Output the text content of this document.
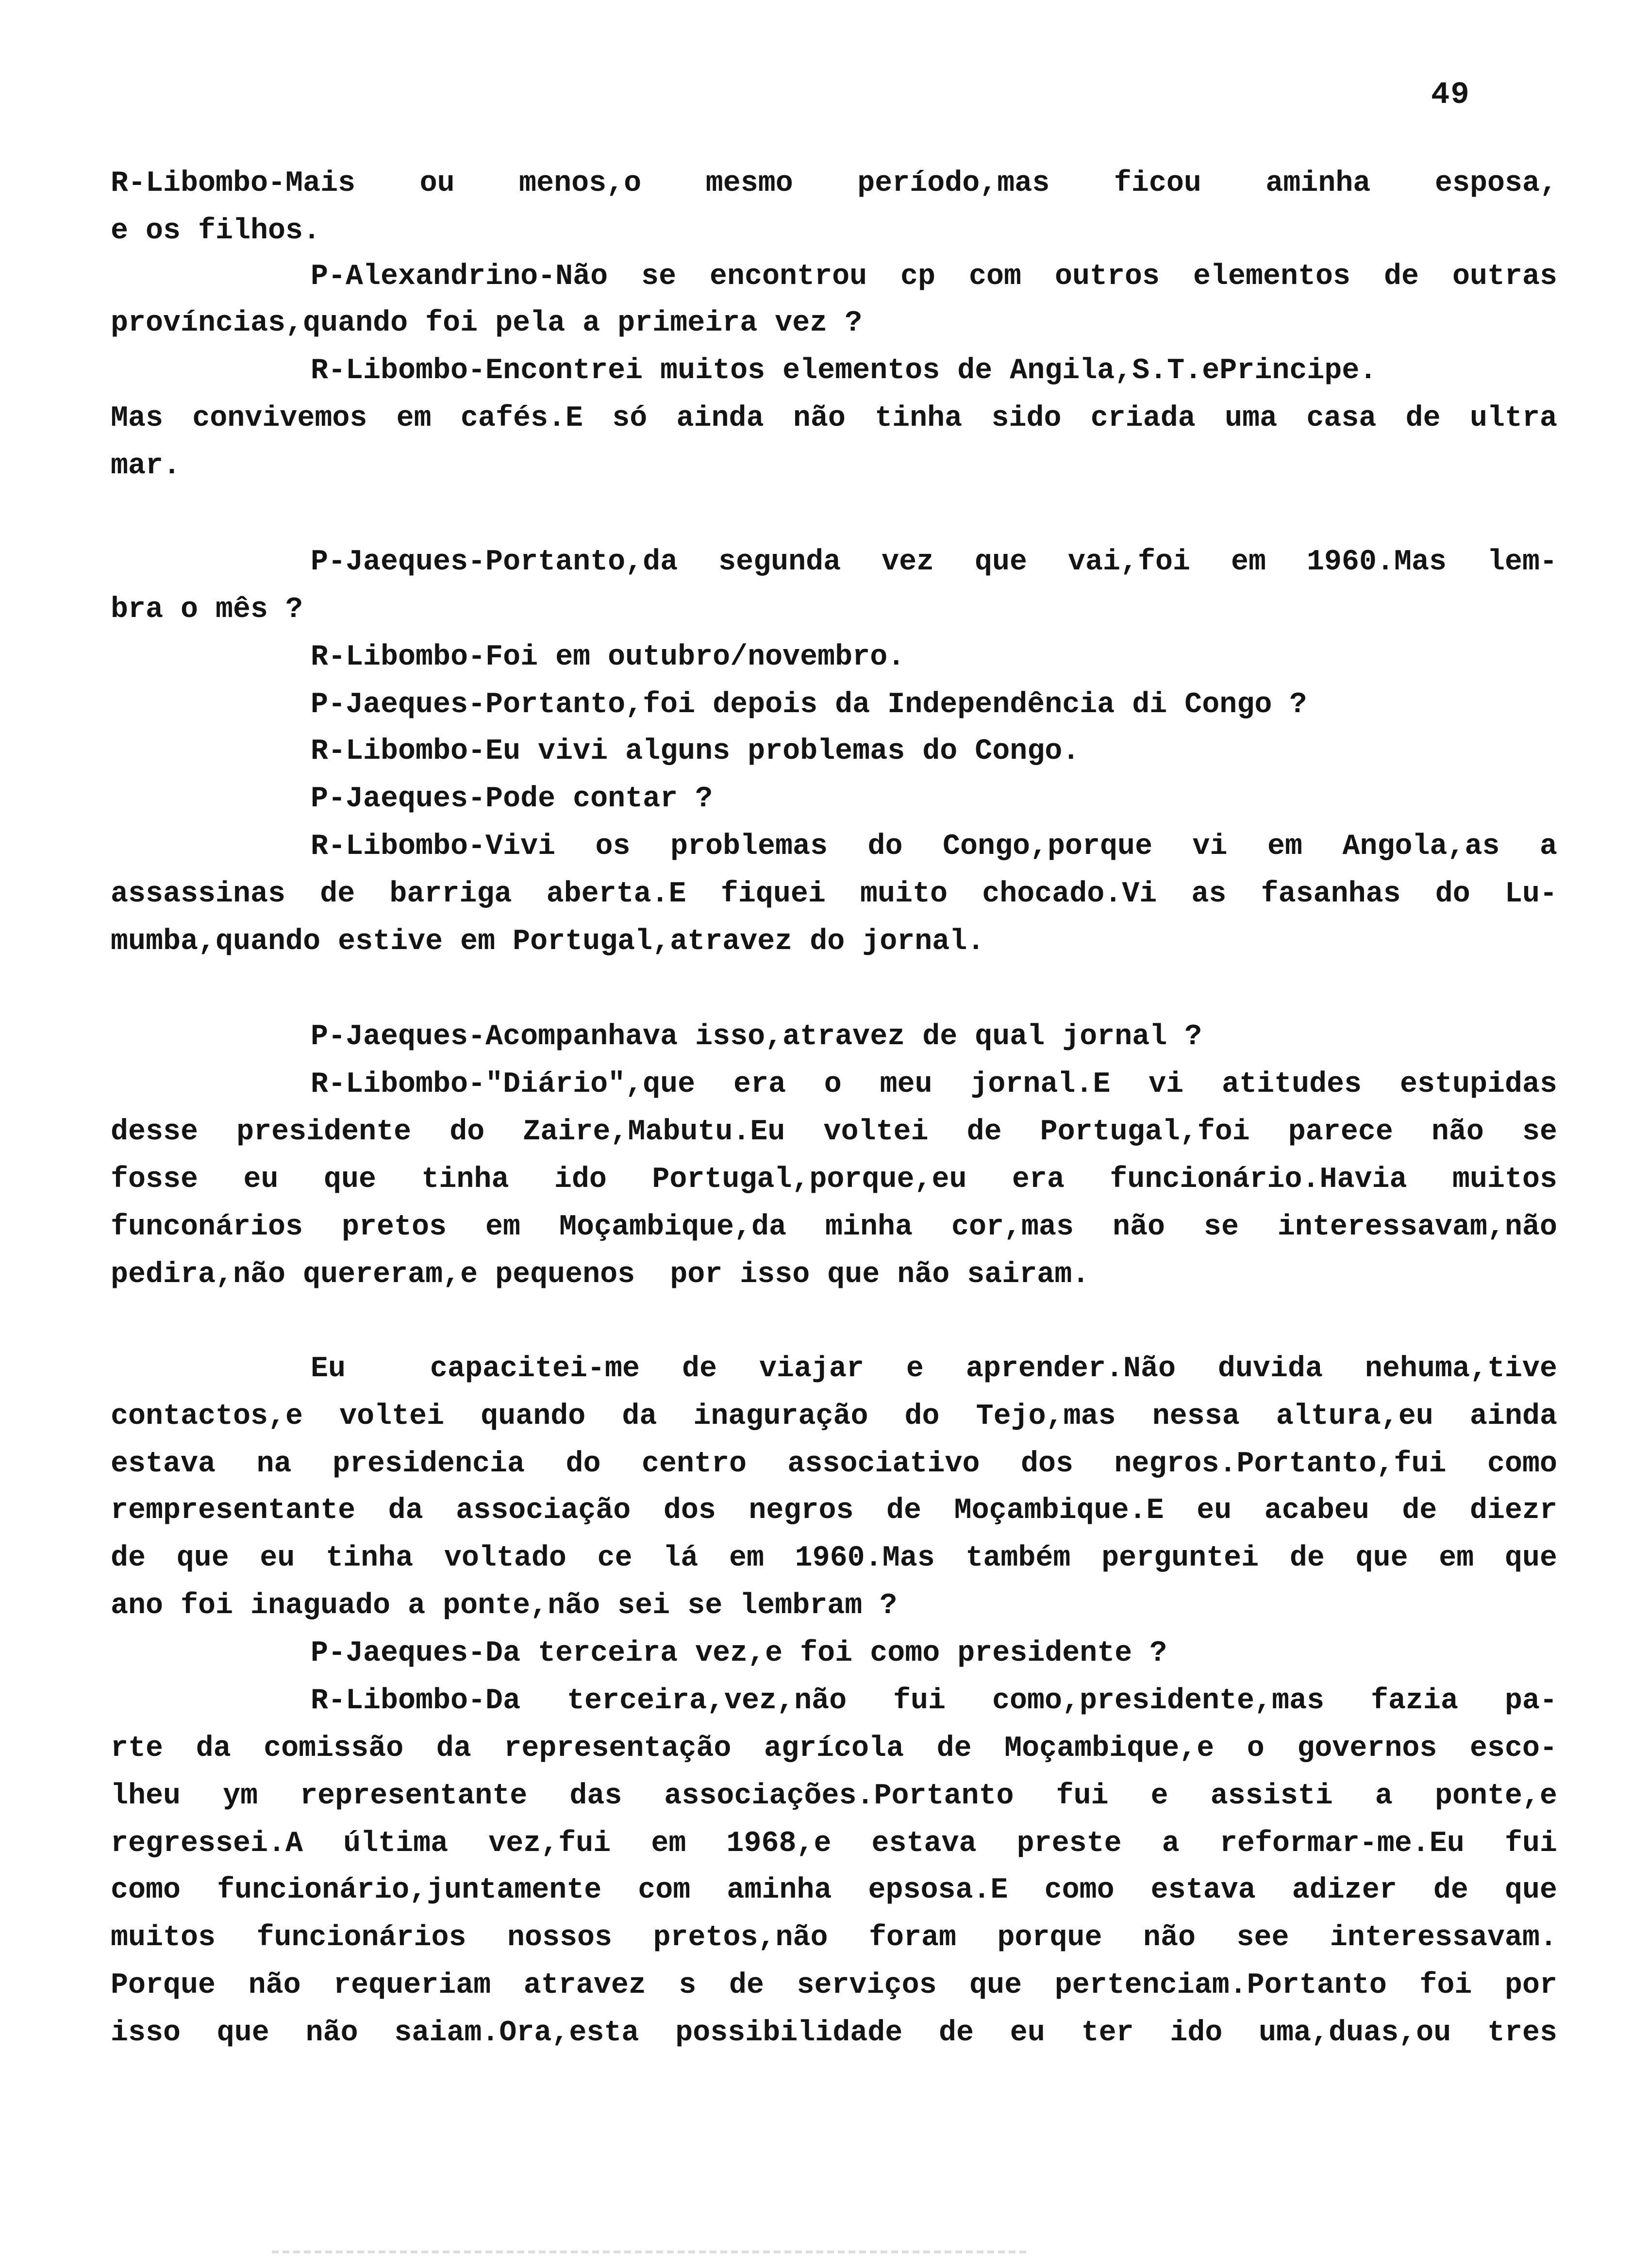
49
R-Libombo-Mais ou menos,o mesmo período,mas ficou aminha esposa,
e os filhos.
P-Alexandrino-Não se encontrou cp com outros elementos de outras
províncias,quando foi pela a primeira vez ?
R-Libombo-Encontrei muitos elementos de Angila,S.T.ePrincipe.
Mas convivemos em cafés.E só ainda não tinha sido criada uma casa de ultra
mar.
P-Jaeques-Portanto,da segunda vez que vai,foi em 1960.Mas lem-
bra o mês ?
R-Libombo-Foi em outubro/novembro.
P-Jaeques-Portanto,foi depois da Independência di Congo ?
R-Libombo-Eu vivi alguns problemas do Congo.
P-Jaeques-Pode contar ?
R-Libombo-Vivi os problemas do Congo,porque vi em Angola,as a
assassinas de barriga aberta.E fiquei muito chocado.Vi as fasanhas do Lu-
mumba,quando estive em Portugal,atravez do jornal.
P-Jaeques-Acompanhava isso,atravez de qual jornal ?
R-Libombo-"Diário",que era o meu jornal.E vi atitudes estupidas
desse presidente do Zaire,Mabutu.Eu voltei de Portugal,foi parece não se
fosse eu que tinha ido Portugal,porque,eu era funcionário.Havia muitos
funconários pretos em Moçambique,da minha cor,mas não se interessavam,não
pedira,não quereram,e pequenos  por isso que não sairam.
Eu  capacitei-me de viajar e aprender.Não duvida nehuma,tive
contactos,e voltei quando da inaguração do Tejo,mas nessa altura,eu ainda
estava na presidencia do centro associativo dos negros.Portanto,fui como
rempresentante da associação dos negros de Moçambique.E eu acabeu de diezr
de que eu tinha voltado ce lá em 1960.Mas também perguntei de que em que
ano foi inaguado a ponte,não sei se lembram ?
P-Jaeques-Da terceira vez,e foi como presidente ?
R-Libombo-Da terceira,vez,não fui como,presidente,mas fazia pa-
rte da comissão da representação agrícola de Moçambique,e o governos esco-
lheu ym representante das associações.Portanto fui e assisti a ponte,e
regressei.A última vez,fui em 1968,e estava preste a reformar-me.Eu fui
como funcionário,juntamente com aminha epsosa.E como estava adizer de que
muitos funcionários nossos pretos,não foram porque não see interessavam.
Porque não requeriam atravez s de serviços que pertenciam.Portanto foi por
isso que não saiam.Ora,esta possibilidade de eu ter ido uma,duas,ou tres
